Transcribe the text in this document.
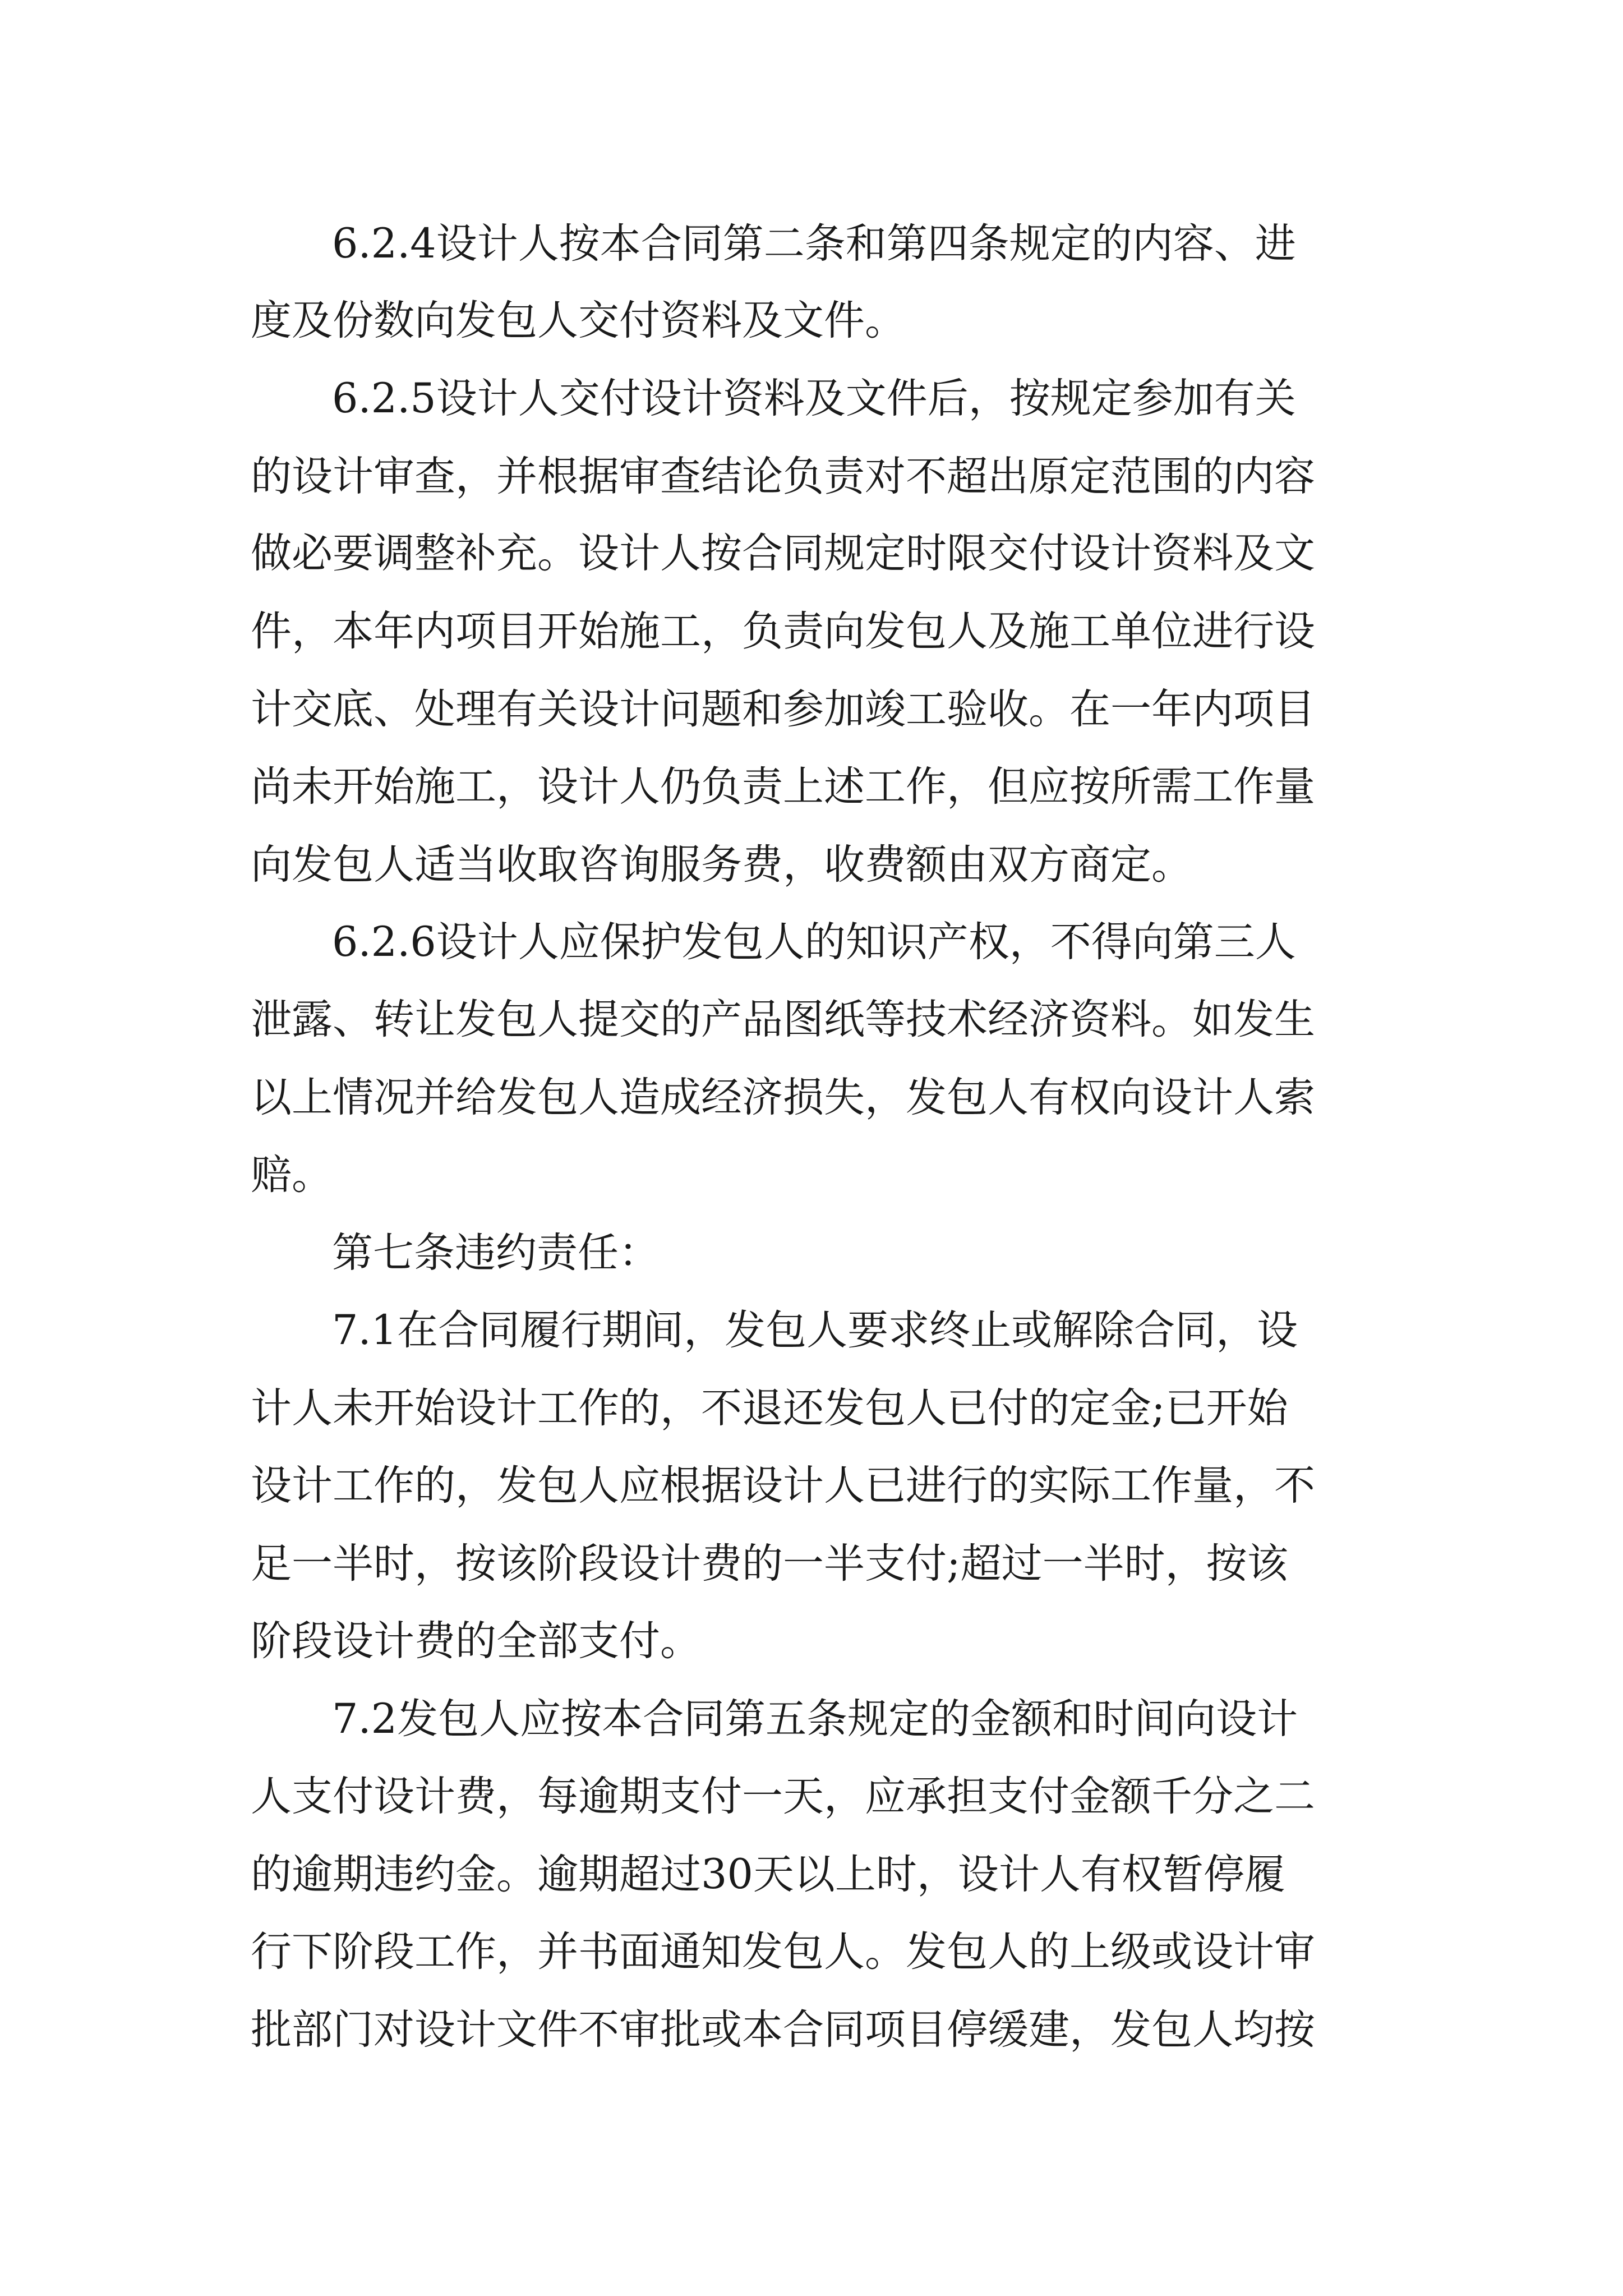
6.2.4设计人按本合同第二条和第四条规定的内容、进
度及份数向发包人交付资料及文件。
6.2.5设计人交付设计资料及文件后，按规定参加有关
的设计审查，并根据审查结论负责对不超出原定范围的内容
做必要调整补充。设计人按合同规定时限交付设计资料及文
件，本年内项目开始施工，负责向发包人及施工单位进行设
计交底、处理有关设计问题和参加竣工验收。在一年内项目
尚未开始施工，设计人仍负责上述工作，但应按所需工作量
向发包人适当收取咨询服务费，收费额由双方商定。
6.2.6设计人应保护发包人的知识产权，不得向第三人
泄露、转让发包人提交的产品图纸等技术经济资料。如发生
以上情况并给发包人造成经济损失，发包人有权向设计人索
赔。
第七条违约责任：
7.1在合同履行期间，发包人要求终止或解除合同，设
计人未开始设计工作的，不退还发包人已付的定金;已开始
设计工作的，发包人应根据设计人已进行的实际工作量，不
足一半时，按该阶段设计费的一半支付;超过一半时，按该
阶段设计费的全部支付。
7.2发包人应按本合同第五条规定的金额和时间向设计
人支付设计费，每逾期支付一天，应承担支付金额千分之二
的逾期违约金。逾期超过30天以上时，设计人有权暂停履
行下阶段工作，并书面通知发包人。发包人的上级或设计审
批部门对设计文件不审批或本合同项目停缓建，发包人均按
